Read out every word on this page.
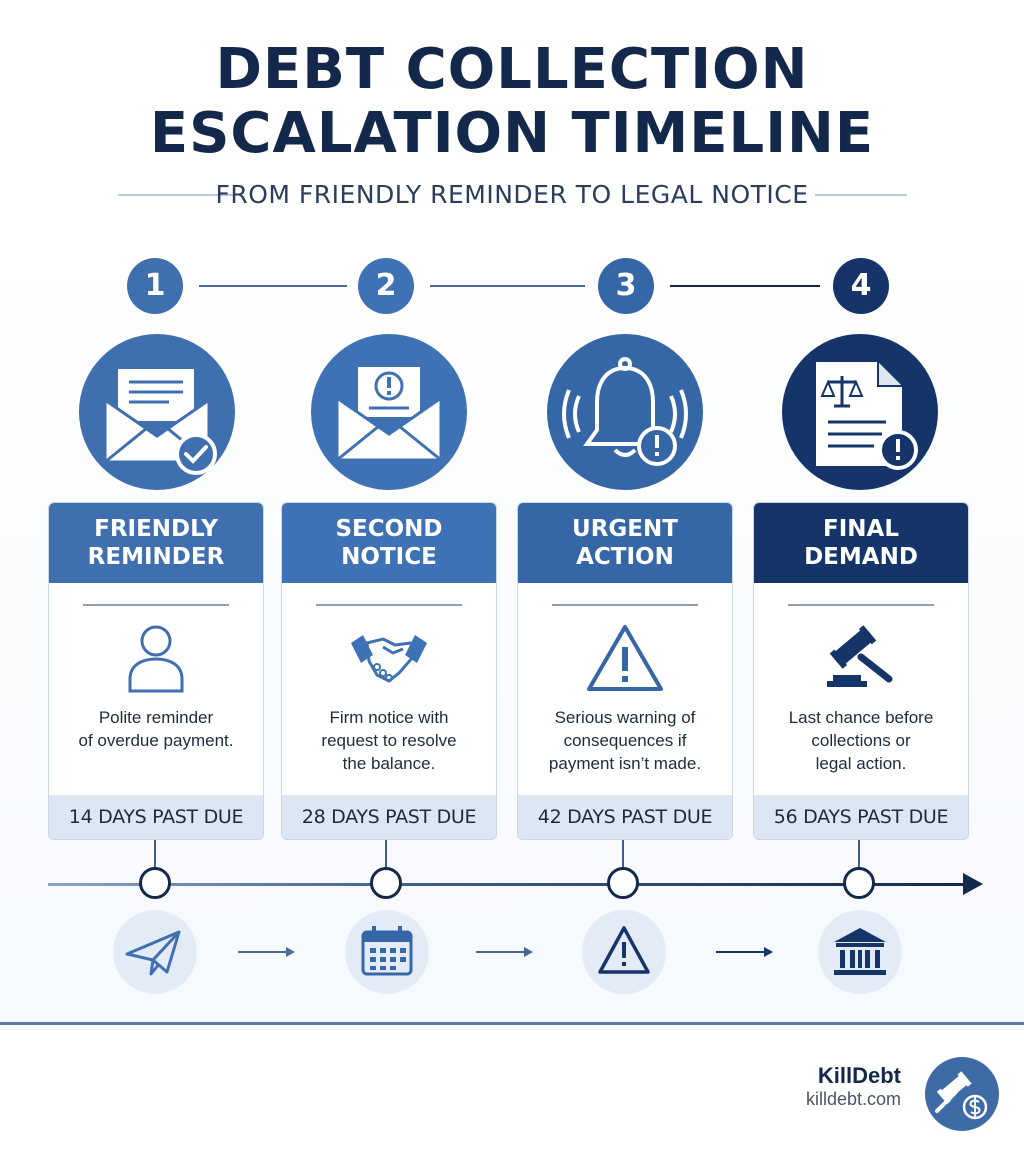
DEBT COLLECTION
ESCALATION TIMELINE
FROM FRIENDLY REMINDER TO LEGAL NOTICE
1	2	3	4
FRIENDLY
REMINDER
Polite reminder
of overdue payment.
14 DAYS PAST DUE
SECOND
NOTICE
Firm notice with
request to resolve
the balance.
28 DAYS PAST DUE
URGENT
ACTION
Serious warning of
consequences if
payment isn’t made.
42 DAYS PAST DUE
FINAL
DEMAND
Last chance before
collections or
legal action.
56 DAYS PAST DUE
KillDebt
killdebt.com
